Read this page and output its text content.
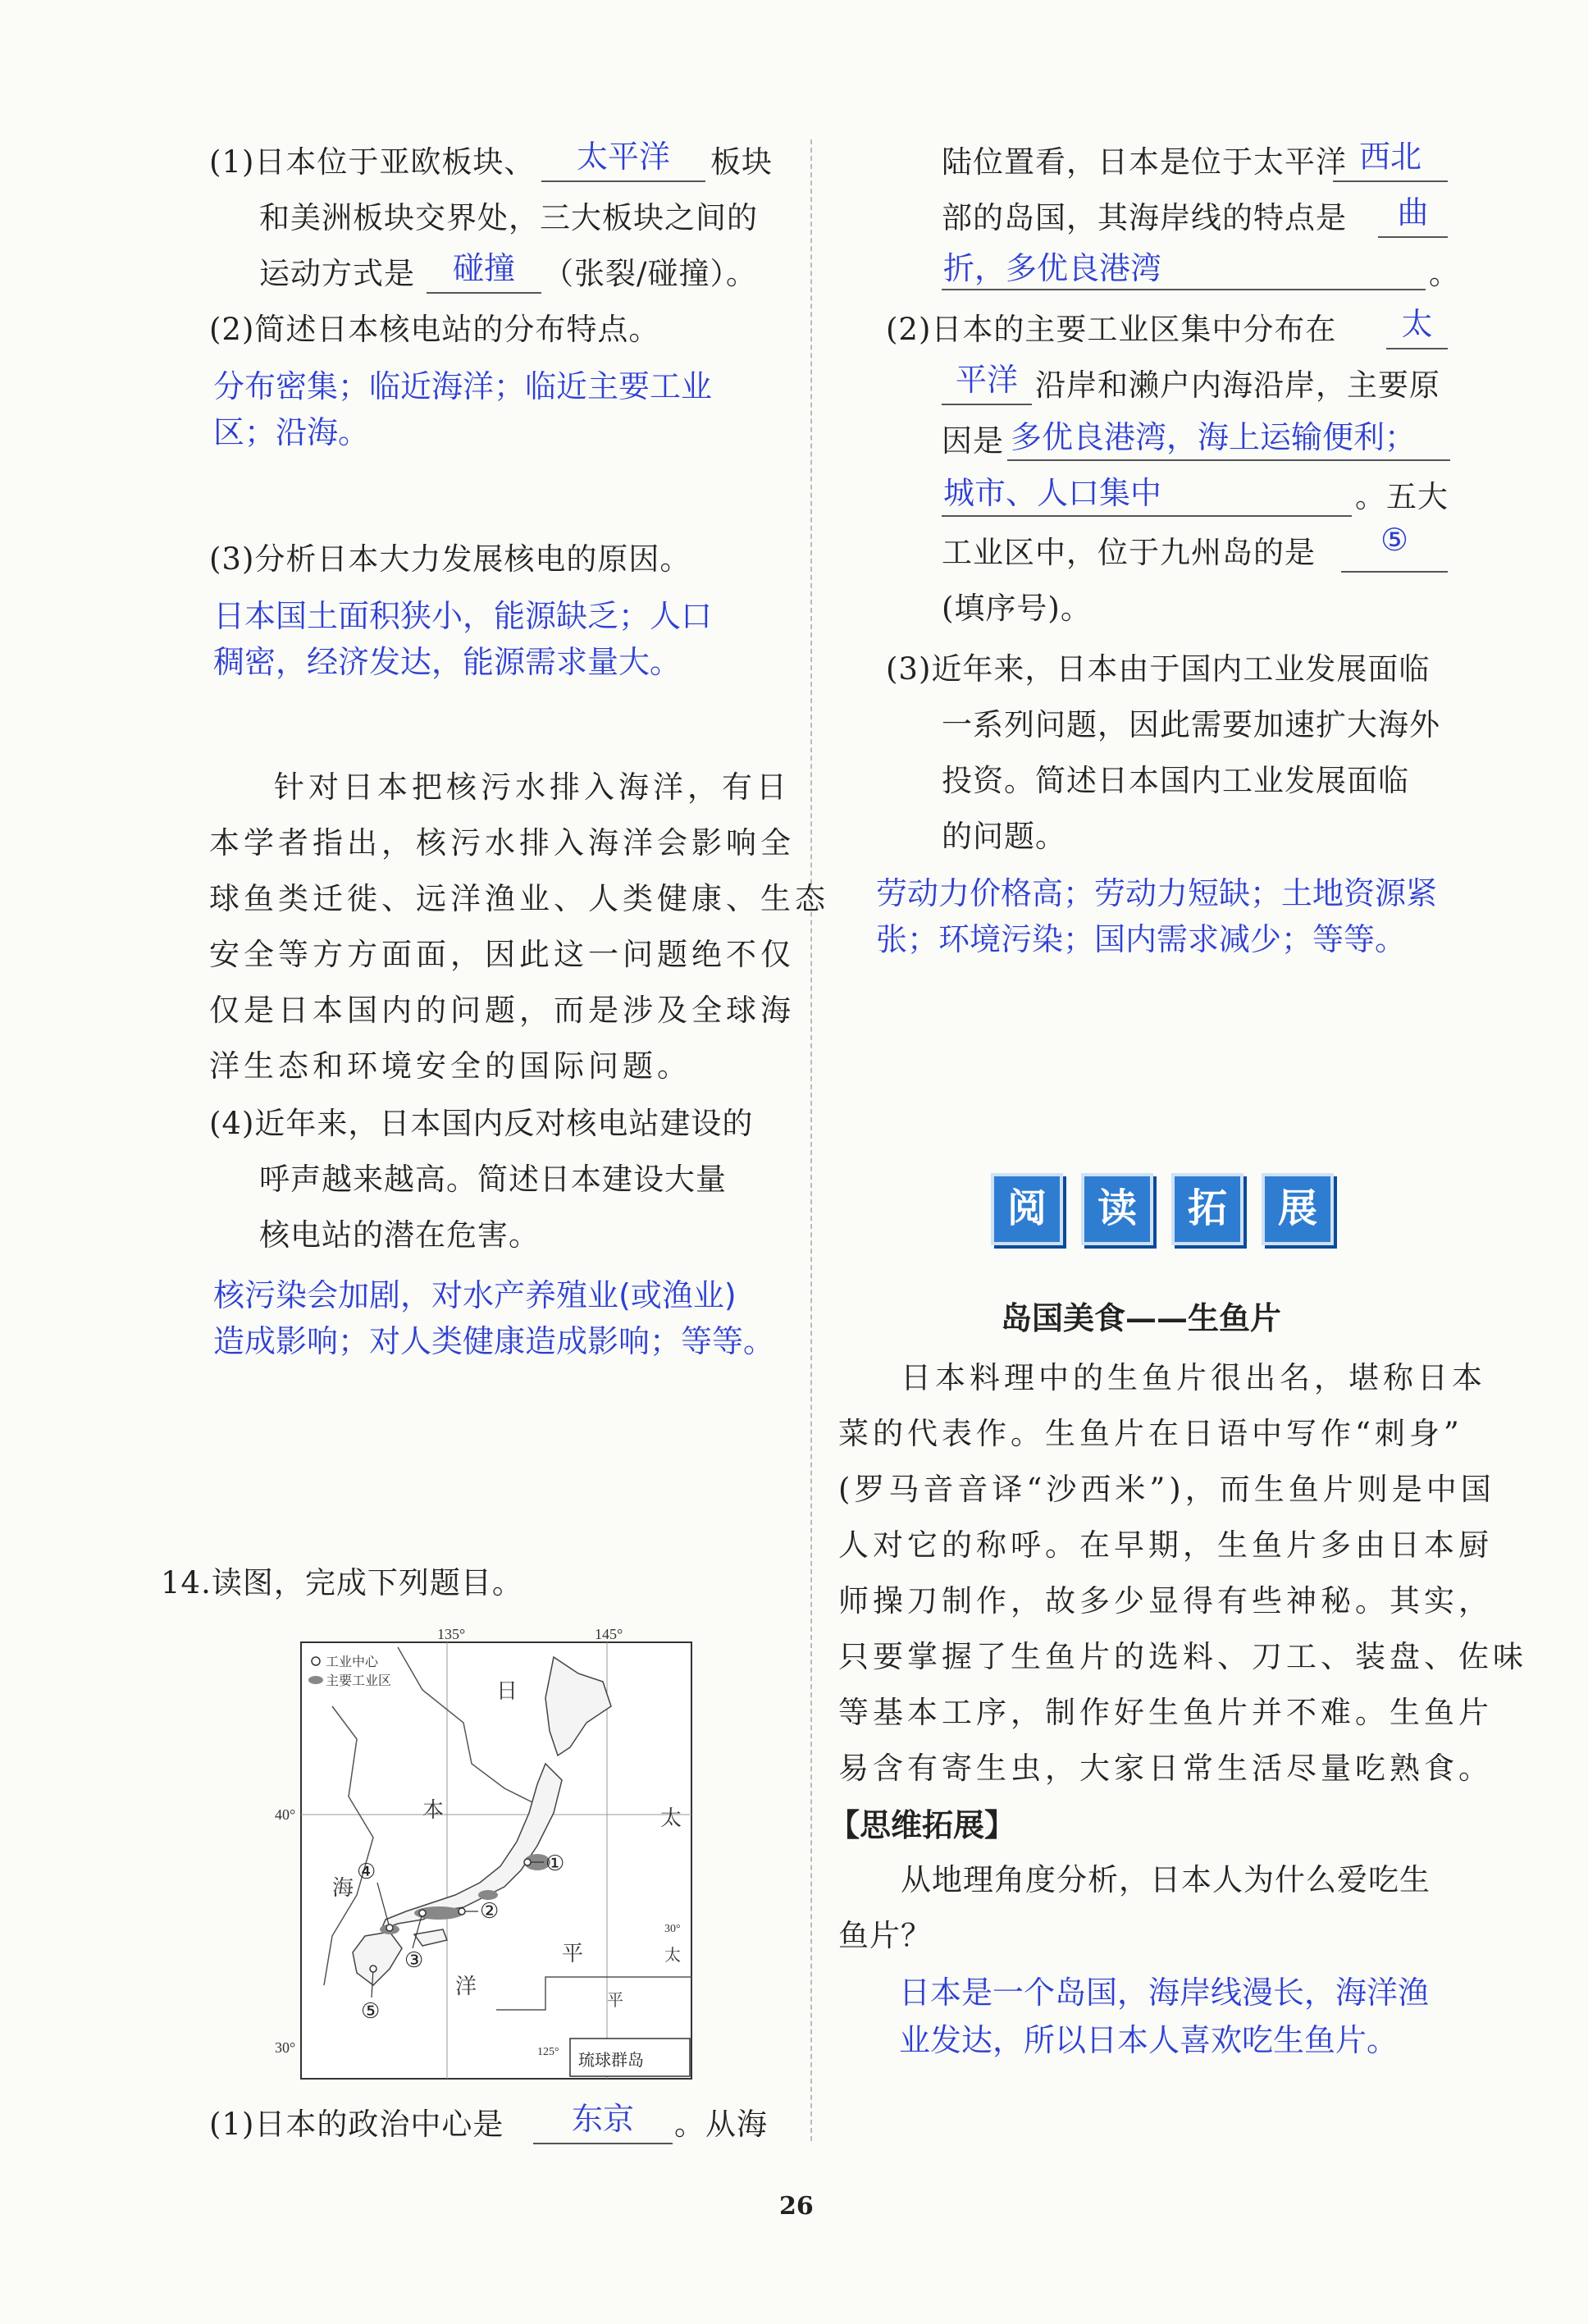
(1)日本位于亚欧板块、	太平洋	板块
和美洲板块交界处，三大板块之间的
运动方式是	碰撞 （张裂/碰撞）。
(2)简述日本核电站的分布特点。
分布密集；临近海洋；临近主要工业
区；沿海。
(3)分析日本大力发展核电的原因。
日本国土面积狭小，能源缺乏；人口
稠密，经济发达，能源需求量大。
针对日本把核污水排入海洋，有日
本学者指出，核污水排入海洋会影响全
球鱼类迁徙、远洋渔业、人类健康、生态
安全等方方面面，因此这一问题绝不仅
仅是日本国内的问题，而是涉及全球海
洋生态和环境安全的国际问题。
(4)近年来，日本国内反对核电站建设的
呼声越来越高。简述日本建设大量
核电站的潜在危害。
核污染会加剧，对水产养殖业(或渔业)
造成影响；对人类健康造成影响；等等。
14.读图，完成下列题目。
135°	145°
40°
30°
30°
工业中心
主要工业区	日
本
海
太
平
洋
太
平
①
②
③
④
⑤
琉球群岛
125°
(1)日本的政治中心是	东京	。从海
陆位置看，日本是位于太平洋 西北
部的岛国，其海岸线的特点是	曲
折，多优良港湾	。
(2)日本的主要工业区集中分布在	太
平洋 沿岸和濑户内海沿岸，主要原
因是 多优良港湾，海上运输便利；
城市、人口集中	。五大
工业区中，位于九州岛的是	⑤
(填序号)。
(3)近年来，日本由于国内工业发展面临
一系列问题，因此需要加速扩大海外
投资。简述日本国内工业发展面临
的问题。
劳动力价格高；劳动力短缺；土地资源紧
张；环境污染；国内需求减少；等等。
阅	读	拓	展
岛国美食——生鱼片
日本料理中的生鱼片很出名，堪称日本
菜的代表作。生鱼片在日语中写作“刺身”
(罗马音音译“沙西米”)，而生鱼片则是中国
人对它的称呼。在早期，生鱼片多由日本厨
师操刀制作，故多少显得有些神秘。其实，
只要掌握了生鱼片的选料、刀工、装盘、佐味
等基本工序，制作好生鱼片并不难。生鱼片
易含有寄生虫，大家日常生活尽量吃熟食。
【思维拓展】
从地理角度分析，日本人为什么爱吃生
鱼片？
日本是一个岛国，海岸线漫长，海洋渔
业发达，所以日本人喜欢吃生鱼片。
26
